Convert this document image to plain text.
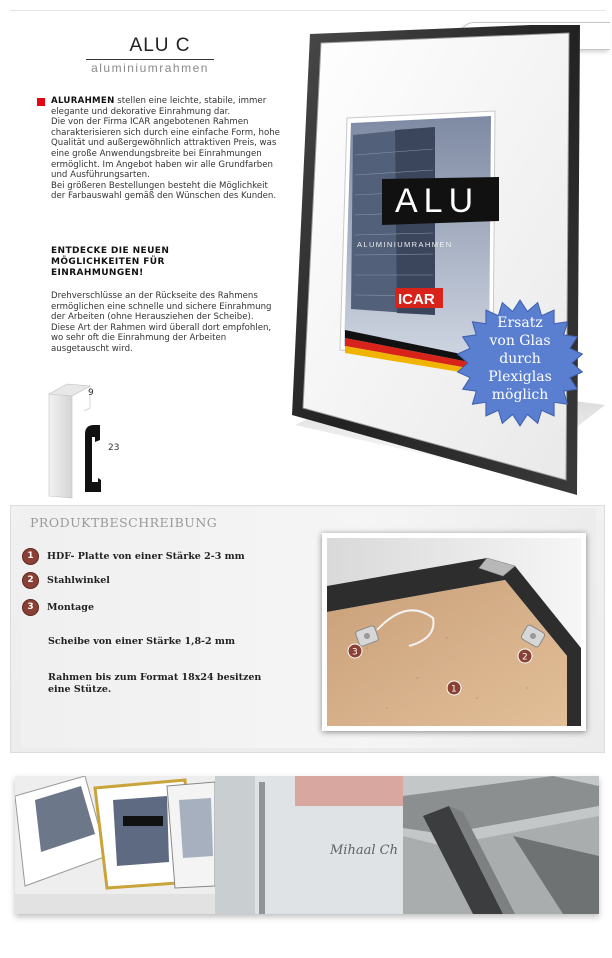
ALU C
aluminiumrahmen

ALURAHMEN stellen eine leichte, stabile, immer elegante und dekorative Einrahmung dar.

Die von der Firma ICAR angebotenen Rahmen charakterisieren sich durch eine einfache Form, hohe Qualität und außergewöhnlich attraktiven Preis, was eine große Anwendungsbreite bei Einrahmungen ermöglicht. Im Angebot haben wir alle Grundfarben und Ausführungsarten.

Bei größeren Bestellungen besteht die Möglichkeit der Farbauswahl gemäß den Wünschen des Kunden.

ENTDECKE DIE NEUEN MÖGLICHKEITEN FÜR EINRAHMUNGEN!

Drehverschlüsse an der Rückseite des Rahmens ermöglichen eine schnelle und sichere Einrahmung der Arbeiten (ohne Herausziehen der Scheibe).

Diese Art der Rahmen wird überall dort empfohlen, wo sehr oft die Einrahmung der Arbeiten ausgetauscht wird.

9
23
ALU
ALUMINIUMRAHMEN
ICAR
Ersatz
von Glas
durch
Plexiglas
möglich
PRODUKTBESCHREIBUNG
1 HDF- Platte von einer Stärke 2-3 mm
2 Stahlwinkel
3 Montage
Scheibe von einer Stärke 1,8-2 mm
Rahmen bis zum Format 18x24 besitzen eine Stütze.
3	2
1
Mihaal Ch
